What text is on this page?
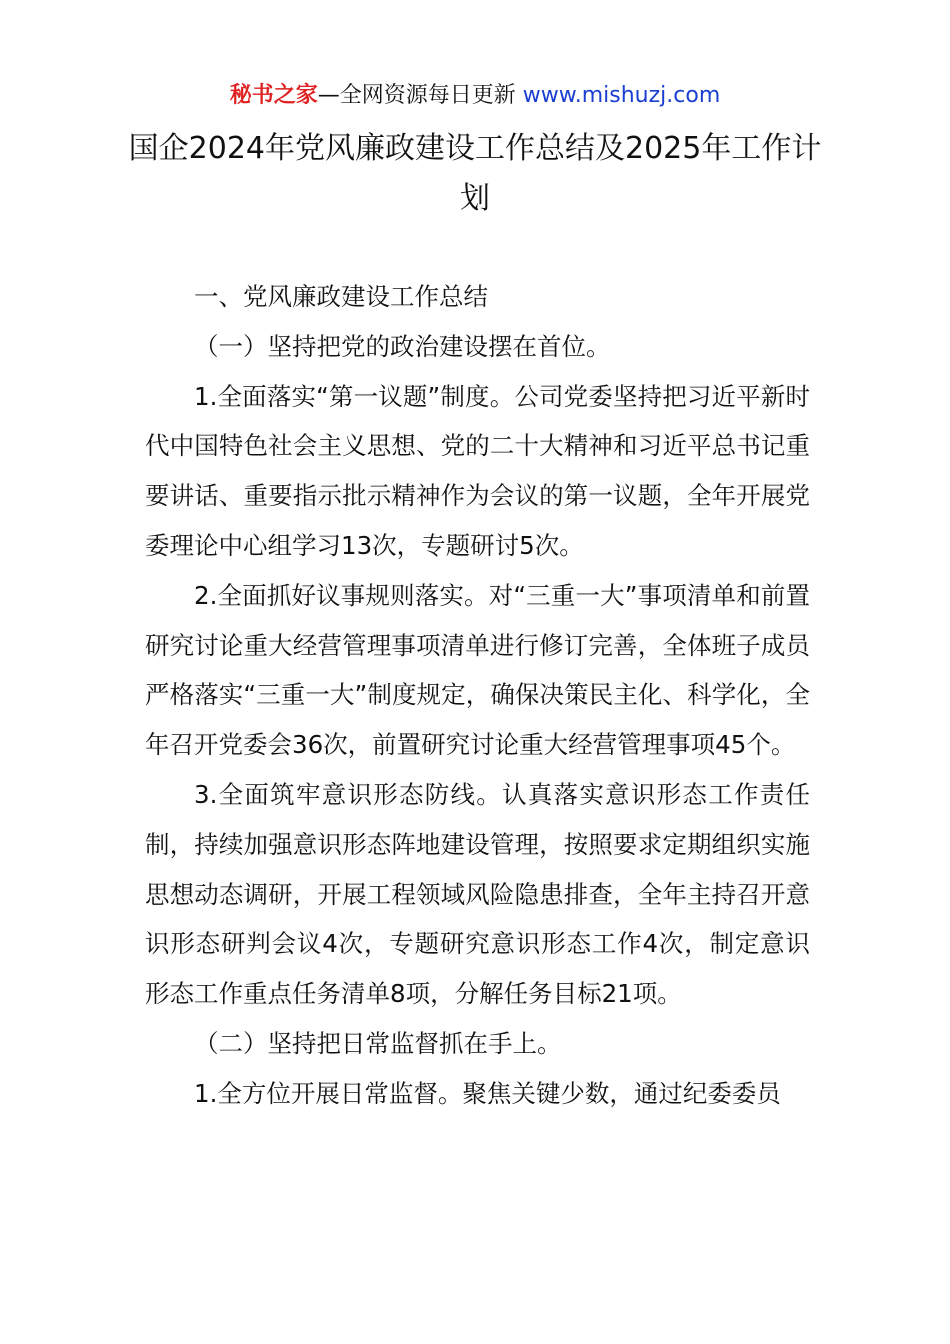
秘书之家—全网资源每日更新 www.mishuzj.com
国企2024年党风廉政建设工作总结及2025年工作计划

一、党风廉政建设工作总结

（一）坚持把党的政治建设摆在首位。

1.全面落实“第一议题”制度。公司党委坚持把习近平新时代中国特色社会主义思想、党的二十大精神和习近平总书记重要讲话、重要指示批示精神作为会议的第一议题，全年开展党委理论中心组学习13次，专题研讨5次。

2.全面抓好议事规则落实。对“三重一大”事项清单和前置研究讨论重大经营管理事项清单进行修订完善，全体班子成员严格落实“三重一大”制度规定，确保决策民主化、科学化，全年召开党委会36次，前置研究讨论重大经营管理事项45个。

3.全面筑牢意识形态防线。认真落实意识形态工作责任制，持续加强意识形态阵地建设管理，按照要求定期组织实施思想动态调研，开展工程领域风险隐患排查，全年主持召开意识形态研判会议4次，专题研究意识形态工作4次，制定意识形态工作重点任务清单8项，分解任务目标21项。

（二）坚持把日常监督抓在手上。

1.全方位开展日常监督。聚焦关键少数，通过纪委委员
